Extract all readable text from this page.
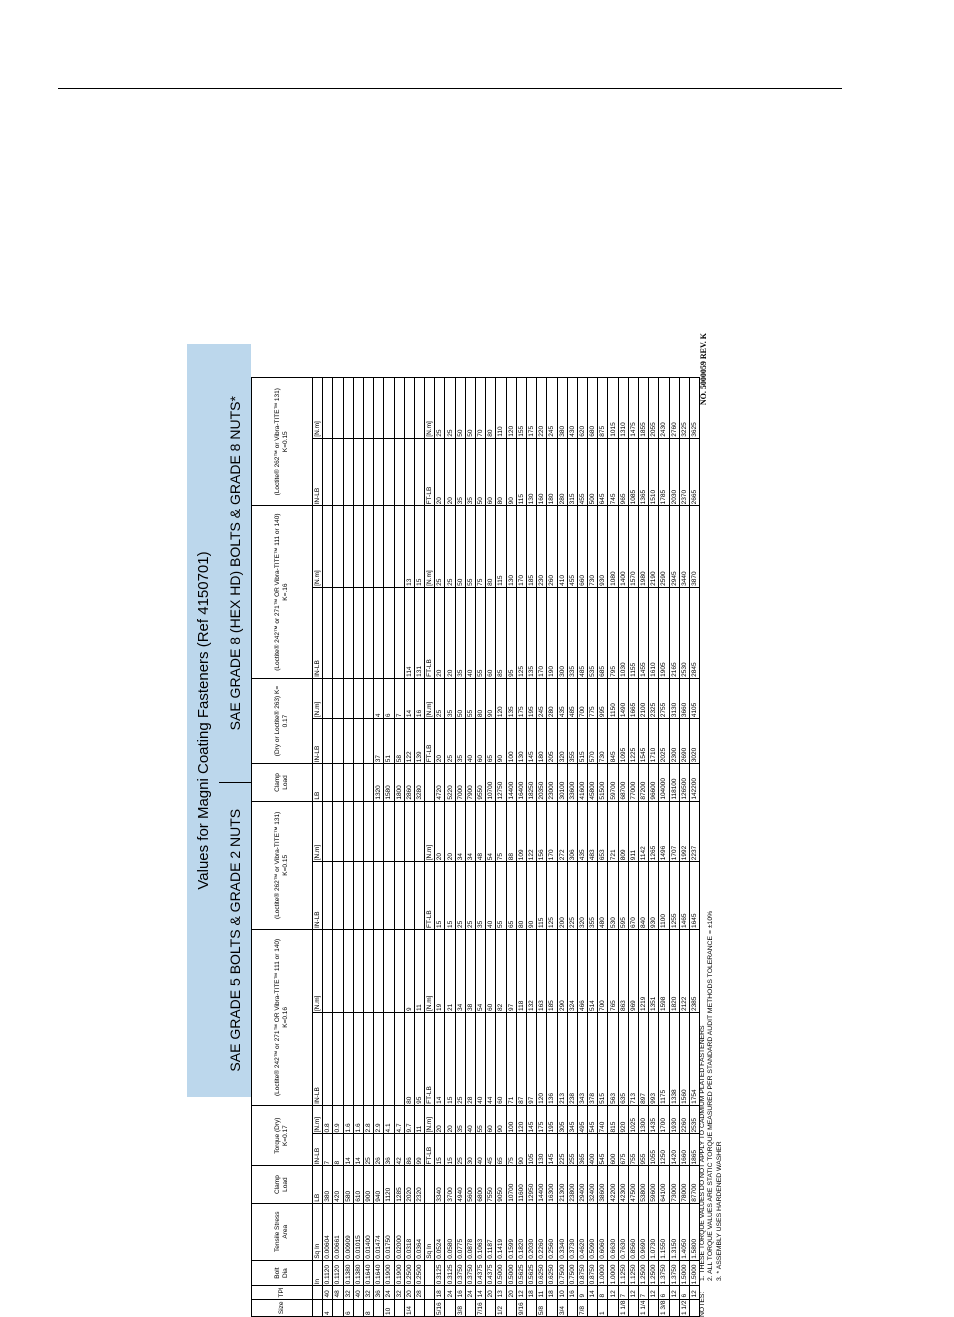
Values for Magni Coating Fasteners (Ref 4150701)
SAE GRADE 5 BOLTS & GRADE 2 NUTS
SAE GRADE 8 (HEX HD) BOLTS & GRADE 8 NUTS*
Size	TPI	Bolt Dia	Tensile Stress Area	Clamp Load	Torque (Dry) K=0.17		(Loctite® 242™ or 271™ OR Vibra-TITE™ 111 or 140) K=0.16		(Loctite® 262™ or Vibra-TITE™ 131) K=0.15		Clamp Load	(Dry or Loctite® 263) K= 0.17		(Loctite® 242™ or 271™ OR Vibra-TITE™ 111 or 140) K=.16		(Loctite® 262™ or Vibra-TITE™ 131) K=0.15	
		In	Sq In	LB	IN-LB	[N.m]	IN-LB	[N.m]	IN-LB	[N.m]	LB	IN-LB	[N.m]	IN-LB	[N.m]	IN-LB	[N.m]
4	40	0.1120	0.00604	380	7	0.8											
	48	0.1120	0.00661	420	8	0.9											
6	32	0.1380	0.00909	580	14	1.6											
	40	0.1380	0.01015	610	14	1.6											
8	32	0.1640	0.01400	900	25	2.8											
	36	0.1640	0.01474	940	26	2.9					1320	37	4				
10	24	0.1900	0.01750	1120	36	4.1					1580	51	6				
	32	0.1900	0.02000	1285	42	4.7					1800	58	7				
1/4	20	0.2500	0.0318	2020	86	9.7	80	9			2860	122	14	114	13		
	28	0.2500	0.0364	2320	99	11	95	11			3280	139	16	131	15		
			Sq In		FT-LB	[N.m]	FT-LB	[N.m]	FT-LB	[N.m]		FT-LB	[N.m]	FT-LB	[N.m]	FT-LB	[N.m]
5/16	18	0.3125	0.0524	3340	15	20	14	19	15	20	4720	20	25	20	25	20	25
	24	0.3125	0.0580	3700	15	20	15	21	15	20	5220	25	35	20	25	20	25
3/8	16	0.3750	0.0775	4940	25	35	25	34	25	34	7000	35	50	35	50	35	50
	24	0.3750	0.0878	5600	30	40	28	38	25	34	7900	40	55	40	55	35	50
7/16	14	0.4375	0.1063	6800	40	55	40	54	35	48	9550	60	80	55	75	50	70
	20	0.4375	0.1187	7550	45	60	44	60	40	54	10700	65	90	60	80	60	80
1/2	13	0.5000	0.1419	9050	65	90	60	82	55	75	12750	90	120	85	115	80	110
	20	0.5000	0.1599	10700	75	100	71	97	65	88	14400	100	135	95	130	90	120
9/16	12	0.5625	0.1820	11600	90	120	87	118	80	109	16400	130	175	125	170	115	155
	18	0.5625	0.2030	12950	105	145	97	132	90	122	18250	145	195	135	185	130	175
5/8	11	0.6250	0.2260	14400	130	175	120	163	115	156	20350	180	245	170	230	160	220
	18	0.6250	0.2560	16300	145	195	136	185	125	170	23000	205	280	190	260	180	245
3/4	10	0.7500	0.3340	21300	225	305	213	290	200	272	30100	320	435	300	410	280	380
	16	0.7500	0.3730	23800	255	345	238	324	225	306	33600	355	485	335	455	315	430
7/8	9	0.8750	0.4620	29400	365	495	343	466	320	435	41600	515	700	485	660	455	620
	14	0.8750	0.5090	32400	400	545	378	514	355	483	45800	570	775	535	730	500	680
1	8	1.0000	0.6060	38600	545	740	515	700	480	653	51500	730	995	685	930	645	875
	12	1.0000	0.6630	42200	600	815	563	765	530	721	59700	845	1150	795	1080	745	1015
1 1/8	7	1.1250	0.7630	42300	675	920	635	863	595	809	68700	1095	1490	1030	1400	965	1310
	12	1.1250	0.8560	47500	755	1025	713	969	670	911	77000	1225	1665	1155	1570	1085	1475
1 1/4	7	1.2500	0.9690	53800	955	1300	897	1219	840	1142	87200	1545	2100	1455	1980	1365	1855
	12	1.2500	1.0730	59600	1055	1435	993	1351	930	1265	96600	1710	2325	1610	2190	1510	2055
1 3/8	6	1.3750	1.1550	64100	1250	1700	1175	1598	1100	1496	104000	2025	2755	1905	2590	1785	2430
	12	1.3750	1.3150	73000	1420	1930	1338	1820	1255	1707	118100	2300	3130	2165	2945	2030	2760
1 1/2	6	1.5000	1.4050	78000	1660	2260	1560	2122	1465	1992	126500	2690	3660	2530	3440	2370	3225
	12	1.5000	1.5800	87700	1865	2535	1754	2385	1645	2237	142200	3020	4105	2845	3870	2665	3625
NOTES:
1. THESE TORQUE VALUES DO NOT APPLY TO CADMIUM PLATED FASTENERS 2. ALL TORQUE VALUES ARE STATIC TORQUE MEASURED PER STANDARD AUDIT METHODS TOLERANCE = ±10% 3. * ASSEMBLY USES HARDENED WASHER
NO. 5000059 REV. K
